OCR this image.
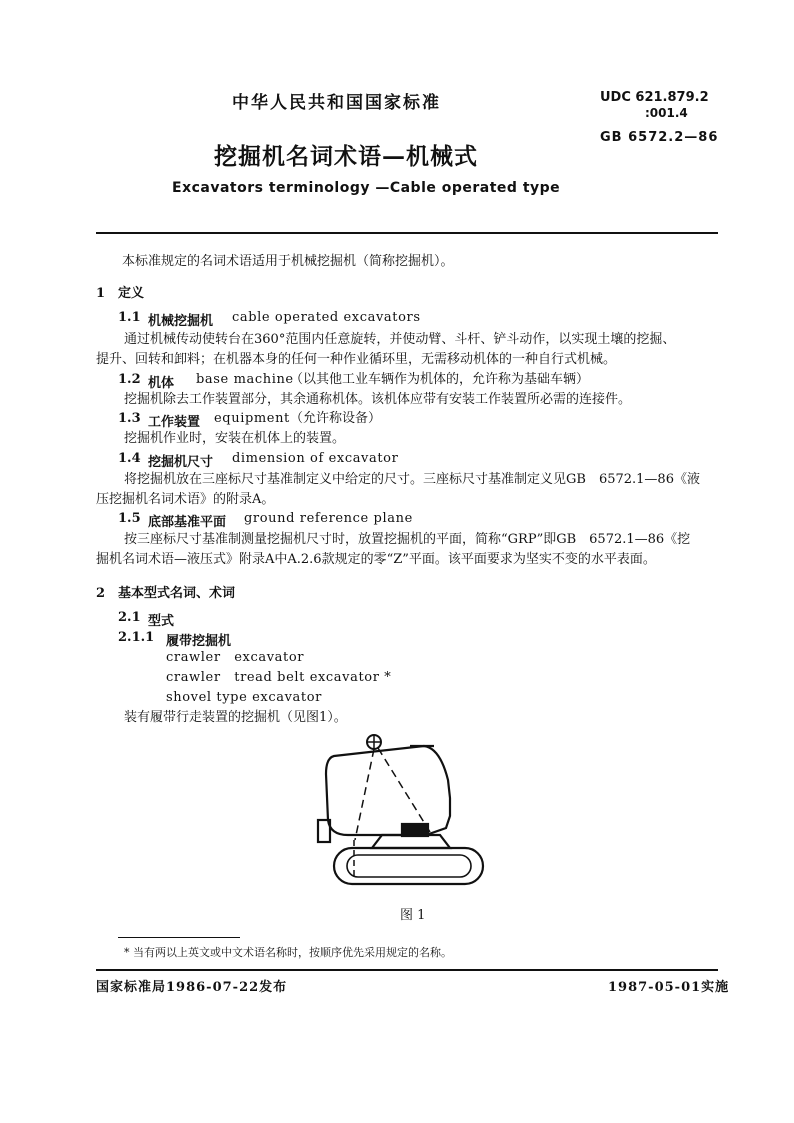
中华人民共和国国家标准	UDC 621.879.2
:001.4
GB 6572.2—86
挖掘机名词术语—机械式
Excavators terminology —Cable operated type
本标准规定的名词术语适用于机械挖掘机（简称挖掘机）。
1　定义
1.1 机械挖掘机 cable operated excavators
通过机械传动使转台在360°范围内任意旋转，并使动臂、斗杆、铲斗动作，以实现土壤的挖掘、
提升、回转和卸料；在机器本身的任何一种作业循环里，无需移动机体的一种自行式机械。
1.2 机体 base machine
（以其他工业车辆作为机体的，允许称为基础车辆）
挖掘机除去工作装置部分，其余通称机体。该机体应带有安装工作装置所必需的连接件。
1.3 工作装置 equipment （允许称设备）
挖掘机作业时，安装在机体上的装置。
1.4 挖掘机尺寸 dimension of excavator
将挖掘机放在三座标尺寸基准制定义中给定的尺寸。三座标尺寸基准制定义见GB　6572.1—86《液
压挖掘机名词术语》的附录A。
1.5 底部基准平面 ground reference plane
按三座标尺寸基准制测量挖掘机尺寸时，放置挖掘机的平面，简称“GRP”即GB　6572.1—86《挖
掘机名词术语—液压式》附录A中A.2.6款规定的零“Z”平面。该平面要求为坚实不变的水平表面。
2　基本型式名词、术词
2.1 型式
2.1.1 履带挖掘机
crawler　excavator
crawler　tread belt excavator *
shovel type excavator
装有履带行走装置的挖掘机（见图1）。
图 1
* 当有两以上英文或中文术语名称时，按顺序优先采用规定的名称。
国家标准局1986-07-22发布	1987-05-01实施
